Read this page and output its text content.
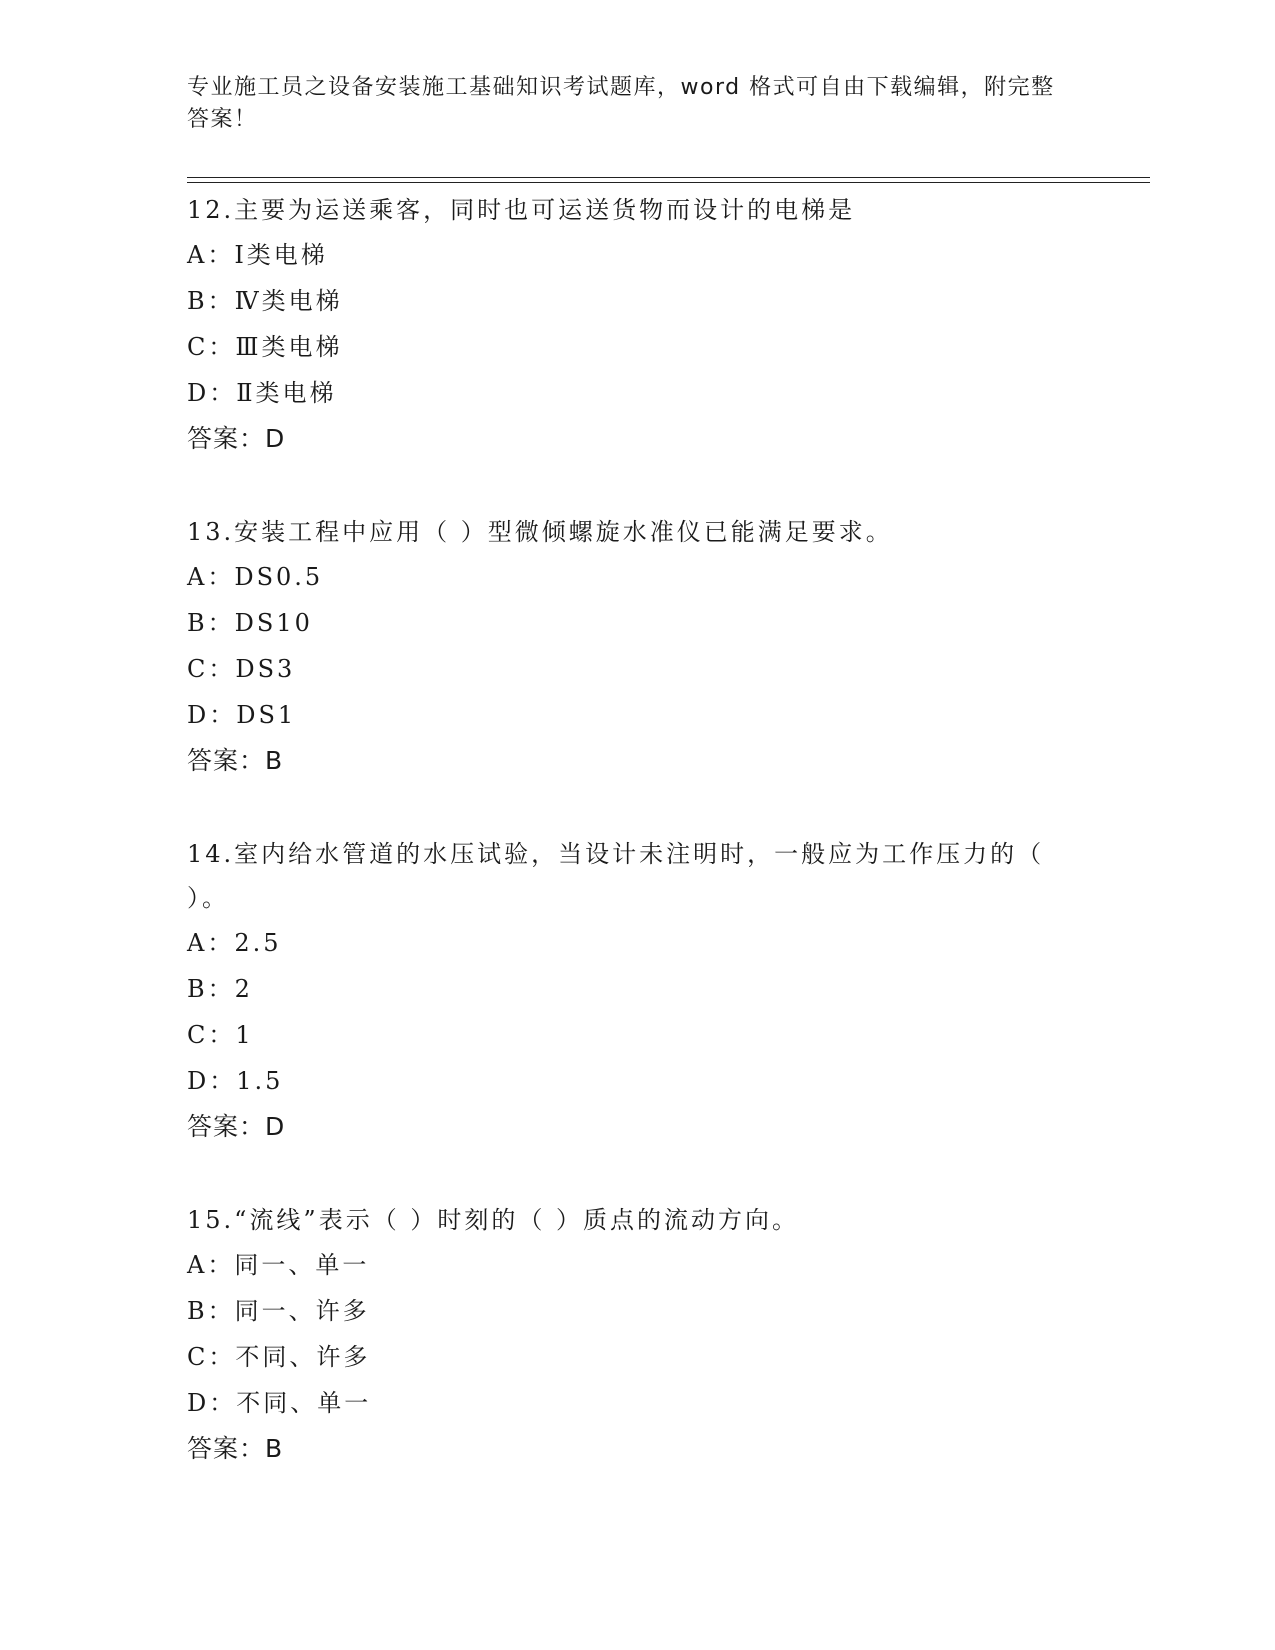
专业施工员之设备安装施工基础知识考试题库，word 格式可自由下载编辑，附完整答案！
12.主要为运送乘客，同时也可运送货物而设计的电梯是
A：Ⅰ类电梯
B：Ⅳ类电梯
C：Ⅲ类电梯
D：Ⅱ类电梯
答案：D
13.安装工程中应用（ ）型微倾螺旋水准仪已能满足要求。
A：DS0.5
B：DS10
C：DS3
D：DS1
答案：B
14.室内给水管道的水压试验，当设计未注明时，一般应为工作压力的（ ）。
A：2.5
B：2
C：1
D：1.5
答案：D
15.“流线”表示（ ）时刻的（ ）质点的流动方向。
A：同一、单一
B：同一、许多
C：不同、许多
D：不同、单一
答案：B
